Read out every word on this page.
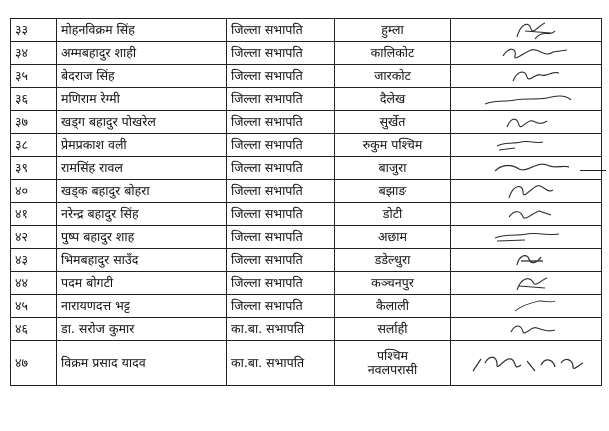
३३	मोहनविक्रम सिंह	जिल्ला सभापति	हुम्ला	

३४	अम्मबहादुर शाही	जिल्ला सभापति	कालिकोट	

३५	बेदराज सिंह	जिल्ला सभापति	जारकोट	

३६	मणिराम रेग्मी	जिल्ला सभापति	दैलेख	

३७	खड्ग बहादुर पोखरेल	जिल्ला सभापति	सुर्खेत	

३८	प्रेमप्रकाश वली	जिल्ला सभापति	रुकुम पश्चिम	

३९	रामसिंह रावल	जिल्ला सभापति	बाजुरा	

४०	खड्क बहादुर बोहरा	जिल्ला सभापति	बझाङ	

४१	नरेन्द्र बहादुर सिंह	जिल्ला सभापति	डोटी	

४२	पुष्प बहादुर शाह	जिल्ला सभापति	अछाम	

४३	भिमबहादुर साउँद	जिल्ला सभापति	डडेल्धुरा	

४४	पदम बोगटी	जिल्ला सभापति	कञ्चनपुर	

४५	नारायणदत्त भट्ट	जिल्ला सभापति	कैलाली	

४६	डा. सरोज कुमार	का.बा. सभापति	सर्लाही	

४७	विक्रम प्रसाद यादव	का.बा. सभापति	पश्चिम
नवलपरासी
